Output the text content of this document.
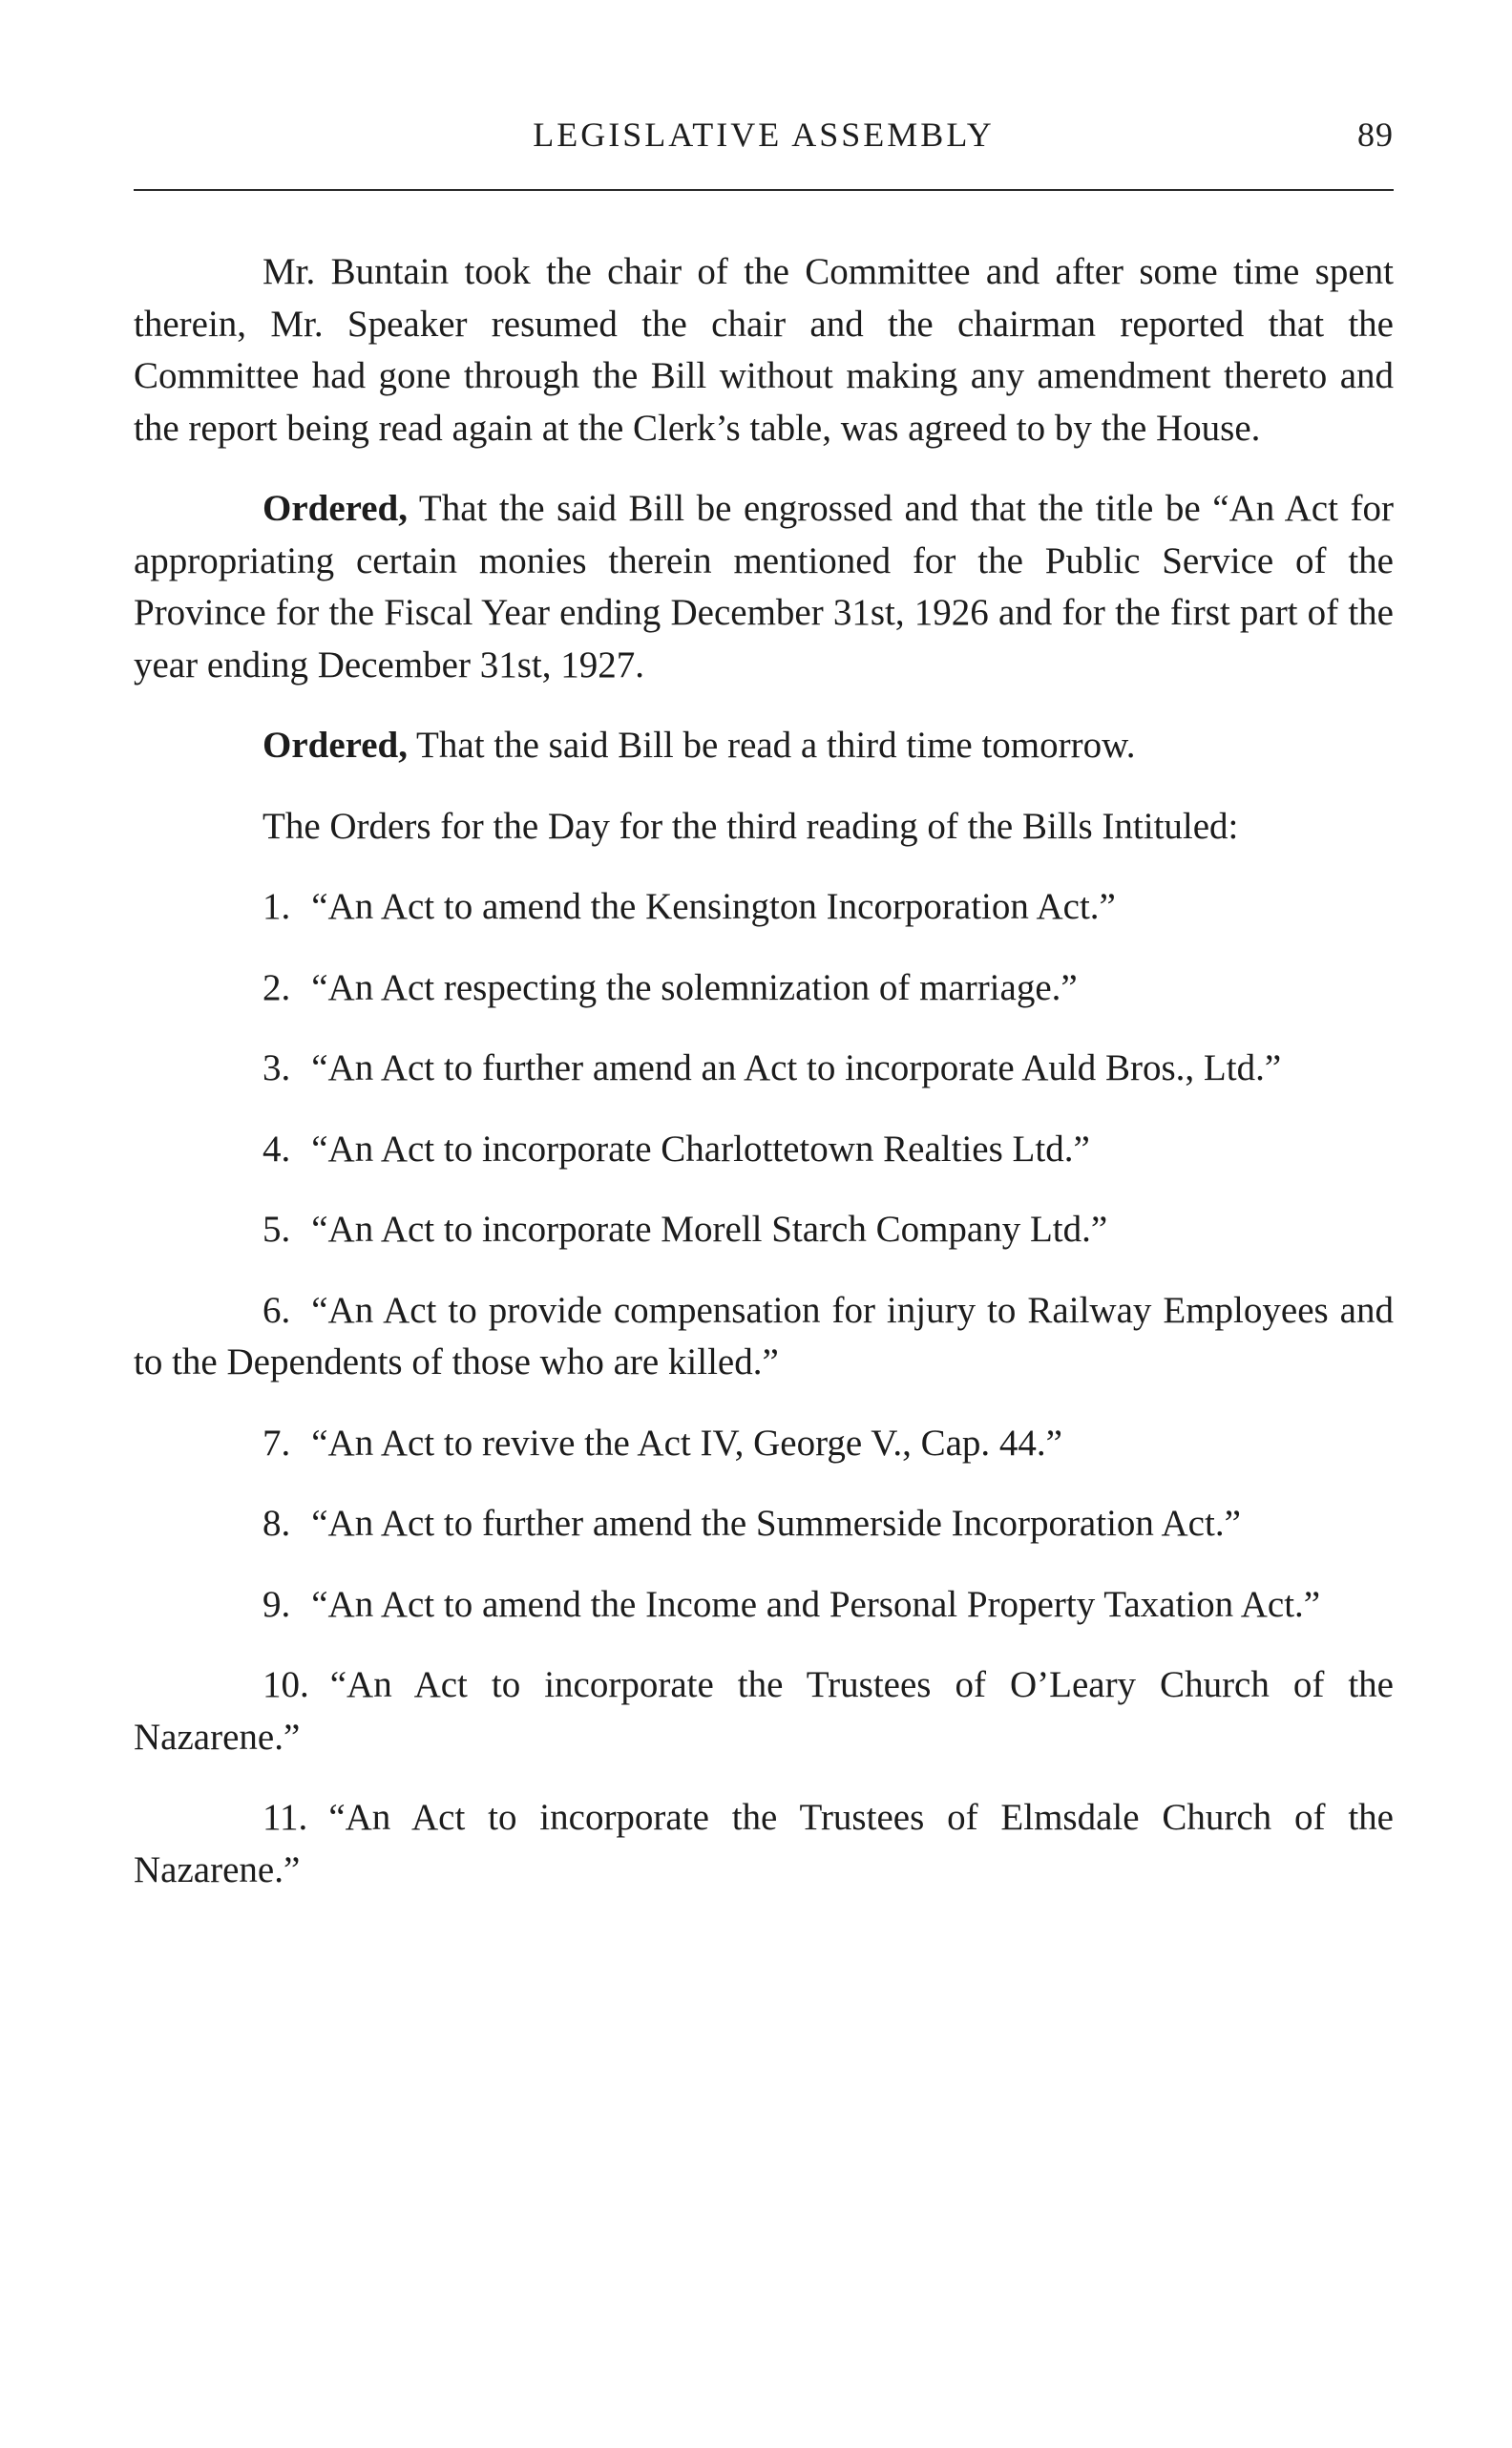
LEGISLATIVE ASSEMBLY	89

Mr. Buntain took the chair of the Committee and after some time spent therein, Mr. Speaker resumed the chair and the chairman reported that the Committee had gone through the Bill without making any amendment thereto and the report being read again at the Clerk’s table, was agreed to by the House.

Ordered, That the said Bill be engrossed and that the title be “An Act for appropriating certain monies therein mentioned for the Public Service of the Province for the Fiscal Year ending December 31st, 1926 and for the first part of the year ending December 31st, 1927.

Ordered, That the said Bill be read a third time tomorrow.

The Orders for the Day for the third reading of the Bills Intituled:

1. “An Act to amend the Kensington Incorporation Act.”

2. “An Act respecting the solemnization of marriage.”

3. “An Act to further amend an Act to incorporate Auld Bros., Ltd.”

4. “An Act to incorporate Charlottetown Realties Ltd.”

5. “An Act to incorporate Morell Starch Company Ltd.”

6. “An Act to provide compensation for injury to Railway Employees and to the Dependents of those who are killed.”

7. “An Act to revive the Act IV, George V., Cap. 44.”

8. “An Act to further amend the Summerside Incorporation Act.”

9. “An Act to amend the Income and Personal Property Taxation Act.”

10. “An Act to incorporate the Trustees of O’Leary Church of the Nazarene.”

11. “An Act to incorporate the Trustees of Elmsdale Church of the Nazarene.”
